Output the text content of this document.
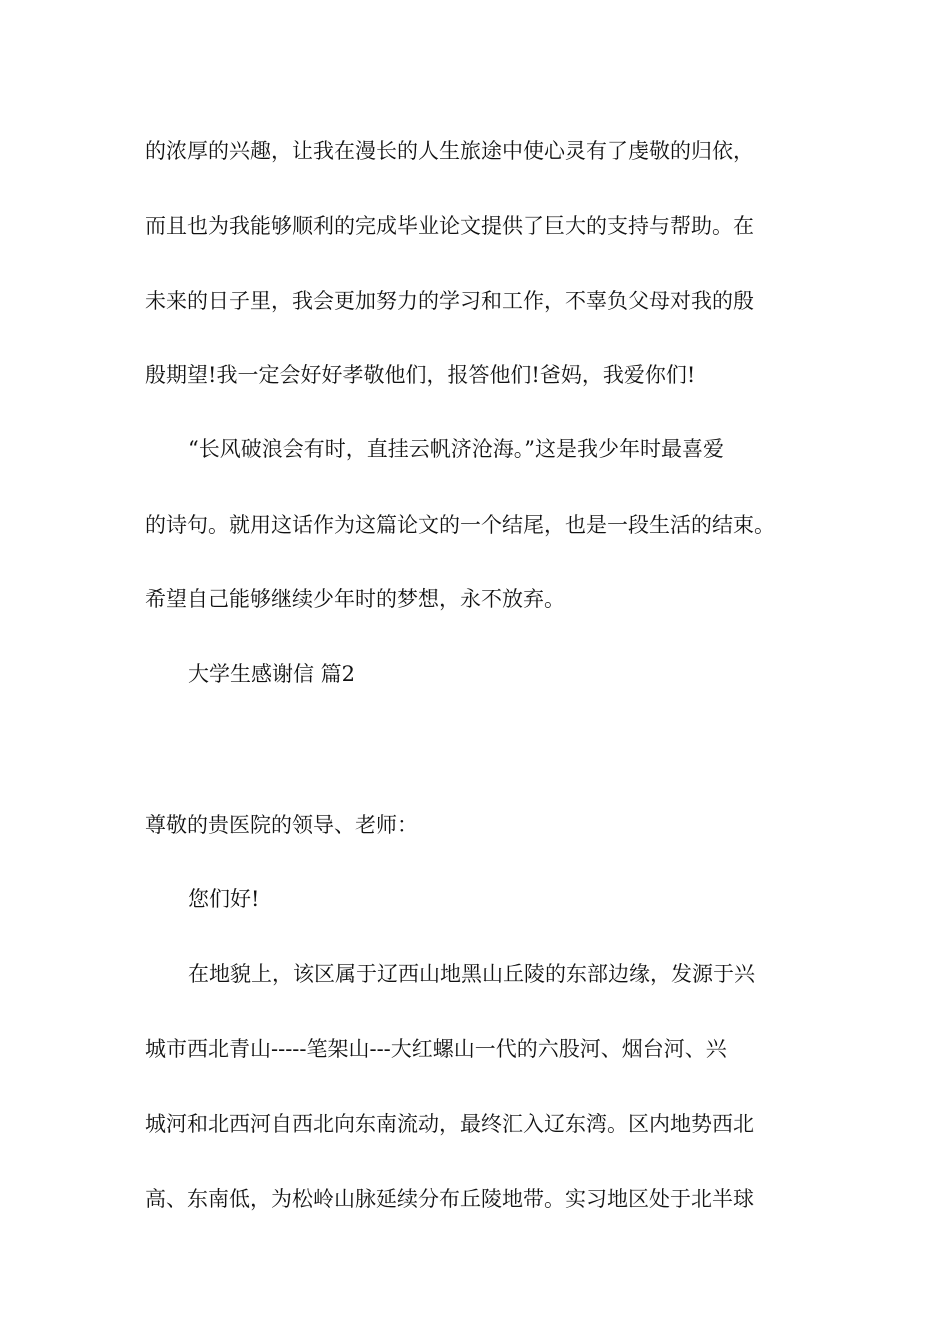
的浓厚的兴趣，让我在漫长的人生旅途中使心灵有了虔敬的归依，

而且也为我能够顺利的完成毕业论文提供了巨大的支持与帮助。在

未来的日子里，我会更加努力的学习和工作，不辜负父母对我的殷

殷期望!我一定会好好孝敬他们，报答他们!爸妈，我爱你们!

“长风破浪会有时，直挂云帆济沧海。”这是我少年时最喜爱

的诗句。就用这话作为这篇论文的一个结尾，也是一段生活的结束。

希望自己能够继续少年时的梦想，永不放弃。

大学生感谢信 篇2

尊敬的贵医院的领导、老师：

您们好!

在地貌上，该区属于辽西山地黑山丘陵的东部边缘，发源于兴

城市西北青山-----笔架山---大红螺山一代的六股河、烟台河、兴

城河和北西河自西北向东南流动，最终汇入辽东湾。区内地势西北

高、东南低，为松岭山脉延续分布丘陵地带。实习地区处于北半球
